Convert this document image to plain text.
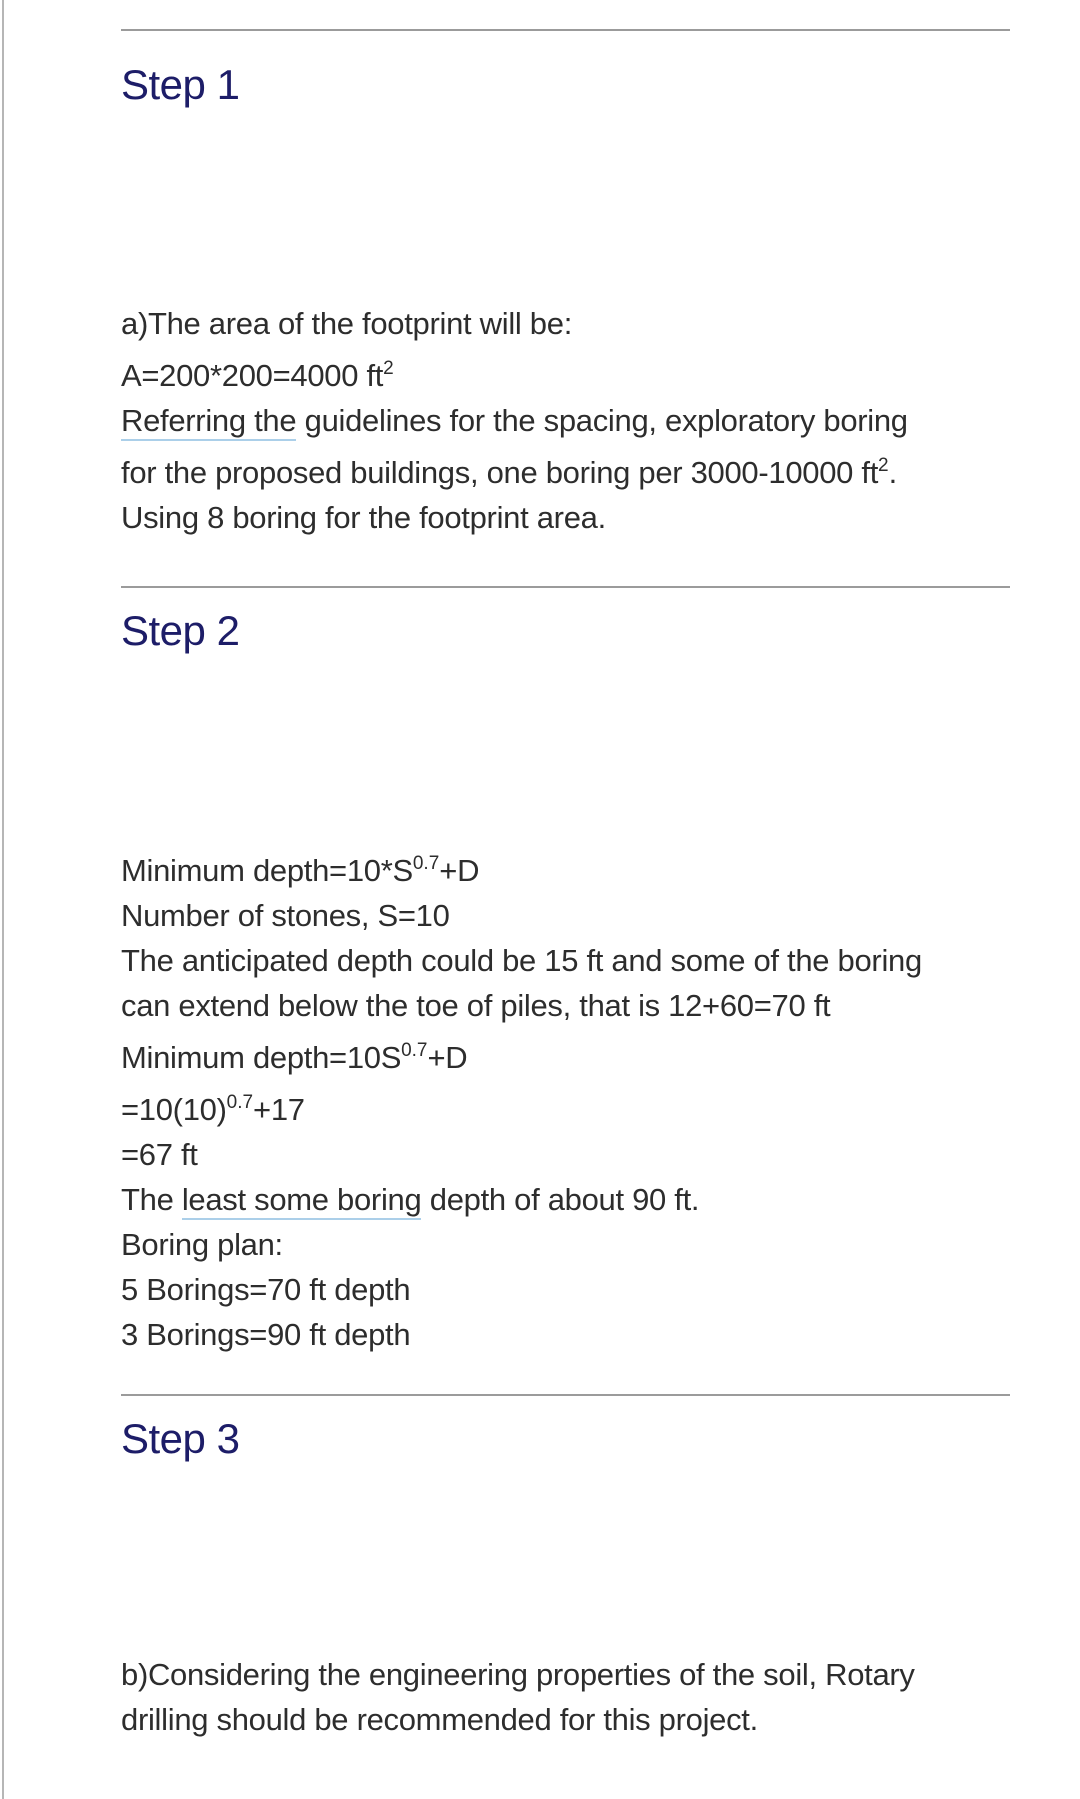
Step 1
a)The area of the footprint will be:
A=200*200=4000 $ft^2$
Referring the guidelines for the spacing, exploratory boring
for the proposed buildings, one boring per 3000-10000 $ft^2$.
Using 8 boring for the footprint area.
Step 2
Minimum $depth=10*S^{0.7}+D$
Number of stones, S=10
The anticipated depth could be 15 ft and some of the boring
can extend below the toe of piles, that is 12+60=70 ft
Minimum $depth=10S^{0.7}+D$
$=10(10)^{0.7}+17$
=67 ft
The least some boring depth of about 90 ft.
Boring plan:
5 Borings=70 ft depth
3 Borings=90 ft depth
Step 3
b)Considering the engineering properties of the soil, Rotary
drilling should be recommended for this project.
